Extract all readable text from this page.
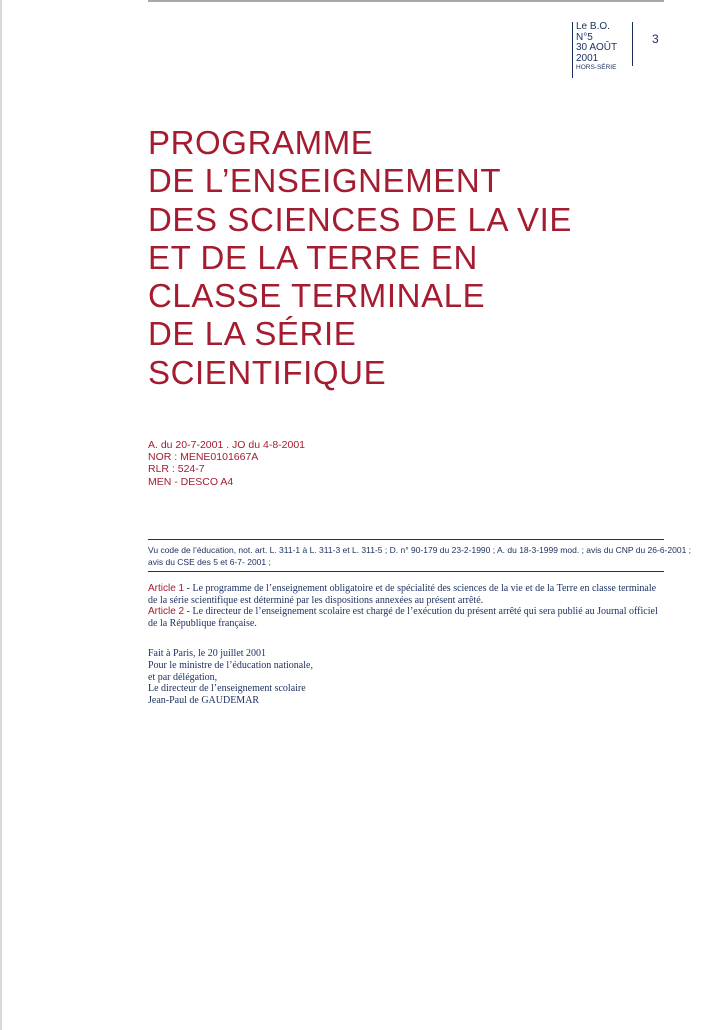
Le B.O.
N°5
30 AOÛT
2001
HORS-SÉRIE
3
PROGRAMME
DE L’ENSEIGNEMENT
DES SCIENCES DE LA VIE
ET DE LA TERRE EN
CLASSE TERMINALE
DE LA SÉRIE
SCIENTIFIQUE
A. du 20-7-2001 . JO du 4-8-2001
NOR : MENE0101667A
RLR : 524-7
MEN - DESCO A4
Vu code de l’éducation, not. art. L. 311-1 à L. 311-3 et L. 311-5 ; D. n° 90-179 du 23-2-1990 ; A. du 18-3-1999 mod. ; avis du CNP du 26-6-2001 ;
avis du CSE des 5 et 6-7- 2001 ;
Article 1 - Le programme de l’enseignement obligatoire et de spécialité des sciences de la vie et de la Terre en classe terminale de la série scientifique est déterminé par les dispositions annexées au présent arrêté.
Article 2 - Le directeur de l’enseignement scolaire est chargé de l’exécution du présent arrêté qui sera publié au Journal officiel de la République française.
Fait à Paris, le 20 juillet 2001
Pour le ministre de l’éducation nationale,
et par délégation,
Le directeur de l’enseignement scolaire
Jean-Paul de GAUDEMAR
